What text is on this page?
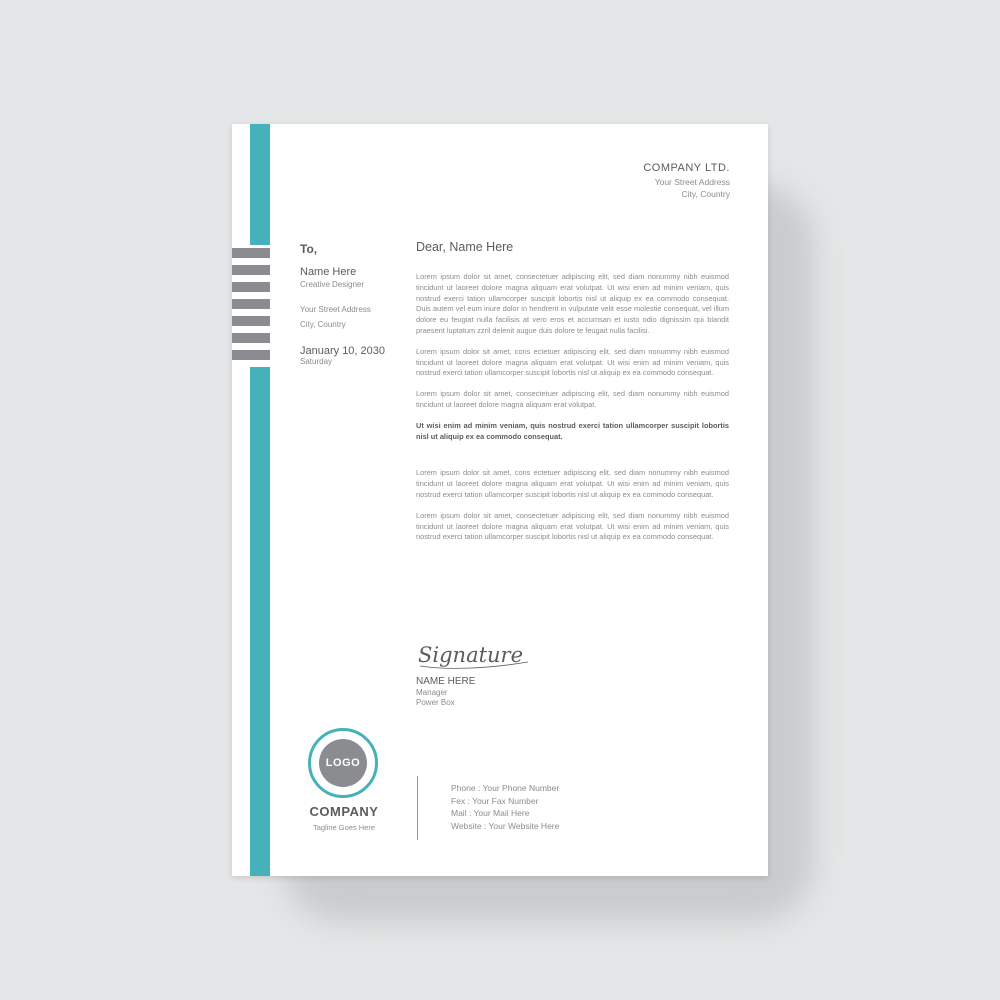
COMPANY LTD.
Your Street Address
City, Country
To,
Name Here
Creative Designer
Your Street Address
City, Country
January 10, 2030
Saturday
Dear, Name Here

Lorem ipsum dolor sit amet, consectetuer adipiscing elit, sed diam nonummy nibh euismod tincidunt ut laoreet dolore magna aliquam erat volutpat. Ut wisi enim ad minim veniam, quis nostrud exerci tation ullamcorper suscipit lobortis nisl ut aliquip ex ea commodo consequat. Duis autem vel eum iriure dolor in hendrerit in vulputate velit esse molestie consequat, vel illum dolore eu feugiat nulla facilisis at vero eros et accumsan et iusto odio dignissim qui blandit praesent luptatum zzril delenit augue duis dolore te feugait nulla facilisi.

Lorem ipsum dolor sit amet, cons ectetuer adipiscing elit, sed diam nonummy nibh euismod tincidunt ut laoreet dolore magna aliquam erat volutpat. Ut wisi enim ad minim veniam, quis nostrud exerci tation ullamcorper suscipit lobortis nisl ut aliquip ex ea commodo consequat.

Lorem ipsum dolor sit amet, consectetuer adipiscing elit, sed diam nonummy nibh euismod tincidunt ut laoreet dolore magna aliquam erat volutpat.

Ut wisi enim ad minim veniam, quis nostrud exerci tation ullamcorper suscipit lobortis nisl ut aliquip ex ea commodo consequat.

Lorem ipsum dolor sit amet, cons ectetuer adipiscing elit, sed diam nonummy nibh euismod tincidunt ut laoreet dolore magna aliquam erat volutpat. Ut wisi enim ad minim veniam, quis nostrud exerci tation ullamcorper suscipit lobortis nisl ut aliquip ex ea commodo consequat.

Lorem ipsum dolor sit amet, consectetuer adipiscing elit, sed diam nonummy nibh euismod tincidunt ut laoreet dolore magna aliquam erat volutpat. Ut wisi enim ad minim veniam, quis nostrud exerci tation ullamcorper suscipit lobortis nisl ut aliquip ex ea commodo consequat.

Signature
NAME HERE
Manager
Power Box
LOGO
COMPANY
Tagline Goes Here
Phone : Your Phone Number
Fex : Your Fax Number
Mail : Your Mail Here
Website : Your Website Here
